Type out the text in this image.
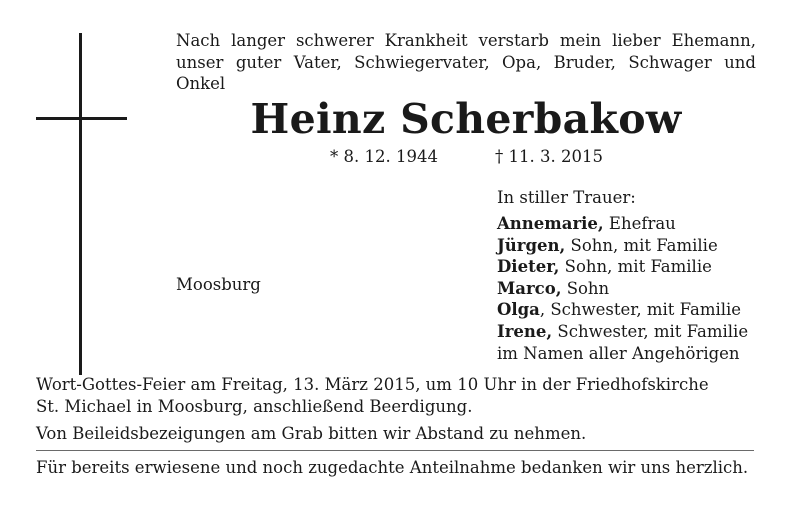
Nach langer schwerer Krankheit verstarb mein lieber Ehemann,
unser guter Vater, Schwiegervater, Opa, Bruder, Schwager und
Onkel
Heinz Scherbakow
* 8. 12. 1944	† 11. 3. 2015
In stiller Trauer:
Annemarie, Ehefrau
Jürgen, Sohn, mit Familie
Dieter, Sohn, mit Familie
Marco, Sohn
Olga, Schwester, mit Familie
Irene, Schwester, mit Familie
im Namen aller Angehörigen
Moosburg
Wort-Gottes-Feier am Freitag, 13. März 2015, um 10 Uhr in der Friedhofskirche
St. Michael in Moosburg, anschließend Beerdigung.
Von Beileidsbezeigungen am Grab bitten wir Abstand zu nehmen.
Für bereits erwiesene und noch zugedachte Anteilnahme bedanken wir uns herzlich.
